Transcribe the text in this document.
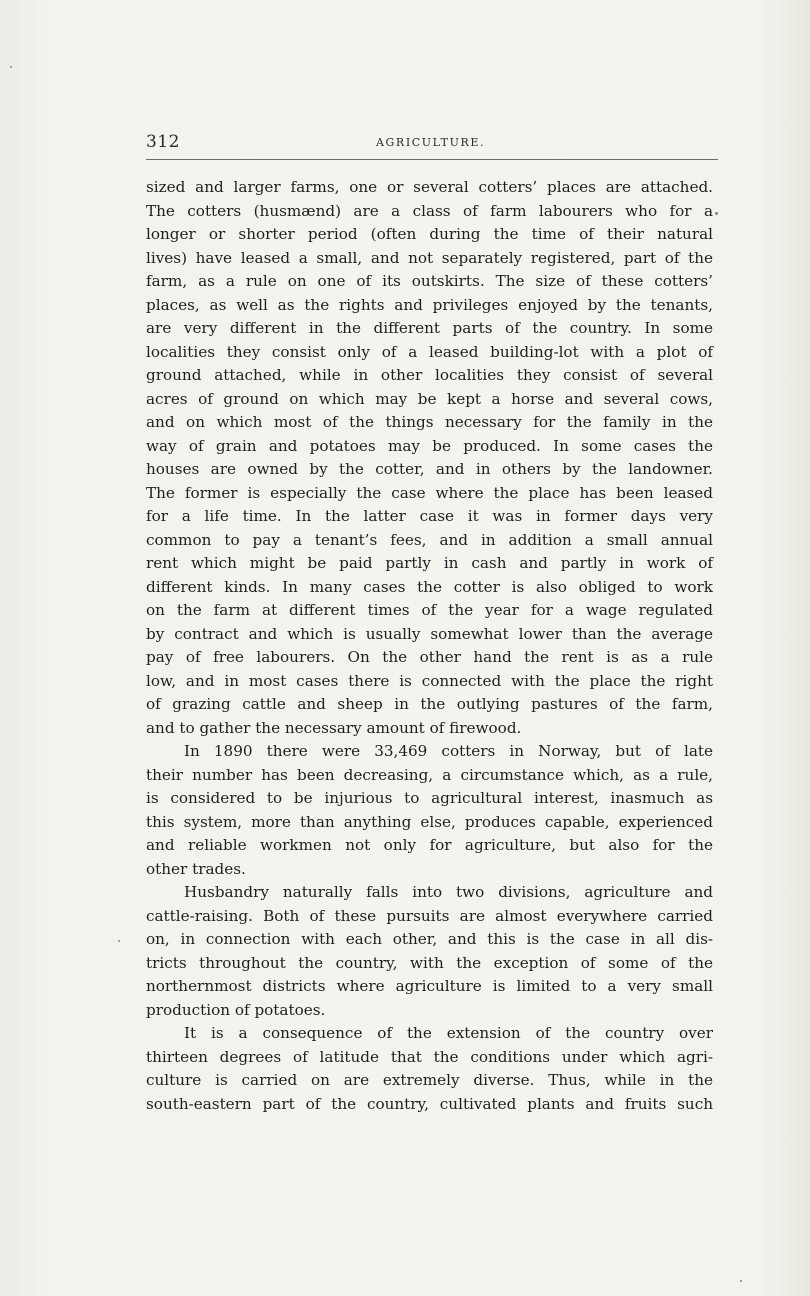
312	AGRICULTURE.
sized and larger farms, one or several cotters’ places are attached.
The cotters (husmænd) are a class of farm labourers who for a
longer or shorter period (often during the time of their natural
lives) have leased a small, and not separately registered, part of the
farm, as a rule on one of its outskirts. The size of these cotters’
places, as well as the rights and privileges enjoyed by the tenants,
are very different in the different parts of the country. In some
localities they consist only of a leased building-lot with a plot of
ground attached, while in other localities they consist of several
acres of ground on which may be kept a horse and several cows,
and on which most of the things necessary for the family in the
way of grain and potatoes may be produced. In some cases the
houses are owned by the cotter, and in others by the landowner.
The former is especially the case where the place has been leased
for a life time. In the latter case it was in former days very
common to pay a tenant’s fees, and in addition a small annual
rent which might be paid partly in cash and partly in work of
different kinds. In many cases the cotter is also obliged to work
on the farm at different times of the year for a wage regulated
by contract and which is usually somewhat lower than the average
pay of free labourers. On the other hand the rent is as a rule
low, and in most cases there is connected with the place the right
of grazing cattle and sheep in the outlying pastures of the farm,
and to gather the necessary amount of firewood.
In 1890 there were 33,469 cotters in Norway, but of late
their number has been decreasing, a circumstance which, as a rule,
is considered to be injurious to agricultural interest, inasmuch as
this system, more than anything else, produces capable, experienced
and reliable workmen not only for agriculture, but also for the
other trades.
Husbandry naturally falls into two divisions, agriculture and
cattle-raising. Both of these pursuits are almost everywhere carried
on, in connection with each other, and this is the case in all dis-
tricts throughout the country, with the exception of some of the
northernmost districts where agriculture is limited to a very small
production of potatoes.
It is a consequence of the extension of the country over
thirteen degrees of latitude that the conditions under which agri-
culture is carried on are extremely diverse. Thus, while in the
south-eastern part of the country, cultivated plants and fruits such
